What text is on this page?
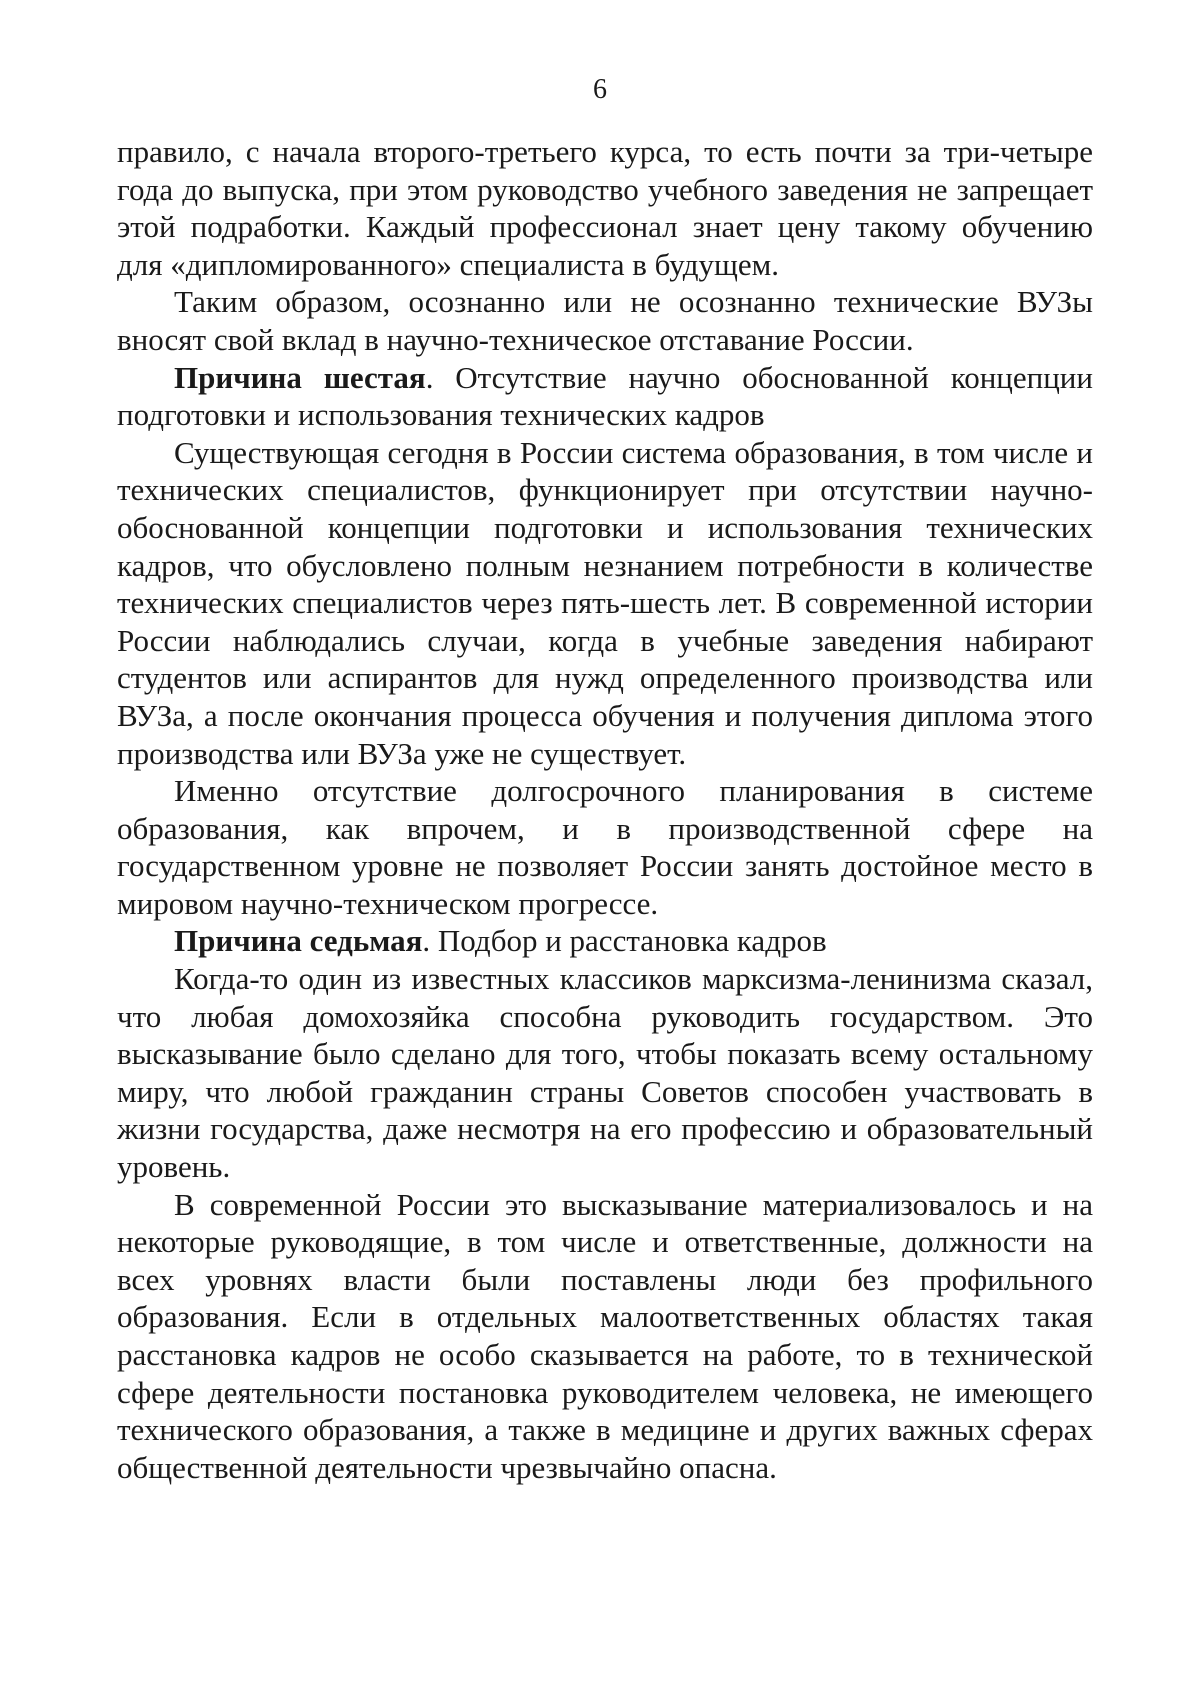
6

правило, с начала второго-третьего курса, то есть почти за три-четыре года до выпуска, при этом руководство учебного заведения не запрещает этой подработки. Каждый профессионал знает цену такому обучению для «дипломированного» специалиста в будущем.

Таким образом, осознанно или не осознанно технические ВУЗы вносят свой вклад в научно-техническое отставание России.

Причина шестая. Отсутствие научно обоснованной концепции подготовки и использования технических кадров

Существующая сегодня в России система образования, в том числе и технических специалистов, функционирует при отсутствии научно-обоснованной концепции подготовки и использования технических кадров, что обусловлено полным незнанием потребности в количестве технических специалистов через пять-шесть лет. В современной истории России наблюдались случаи, когда в учебные заведения набирают студентов или аспирантов для нужд определенного производства или ВУЗа, а после окончания процесса обучения и получения диплома этого производства или ВУЗа уже не существует.

Именно отсутствие долгосрочного планирования в системе образования, как впрочем, и в производственной сфере на государственном уровне не позволяет России занять достойное место в мировом научно-техническом прогрессе.

Причина седьмая. Подбор и расстановка кадров

Когда-то один из известных классиков марксизма-ленинизма сказал, что любая домохозяйка способна руководить государством. Это высказывание было сделано для того, чтобы показать всему остальному миру, что любой гражданин страны Советов способен участвовать в жизни государства, даже несмотря на его профессию и образовательный уровень.

В современной России это высказывание материализовалось и на некоторые руководящие, в том числе и ответственные, должности на всех уровнях власти были поставлены люди без профильного образования. Если в отдельных малоответственных областях такая расстановка кадров не особо сказывается на работе, то в технической сфере деятельности постановка руководителем человека, не имеющего технического образования, а также в медицине и других важных сферах общественной деятельности чрезвычайно опасна.
